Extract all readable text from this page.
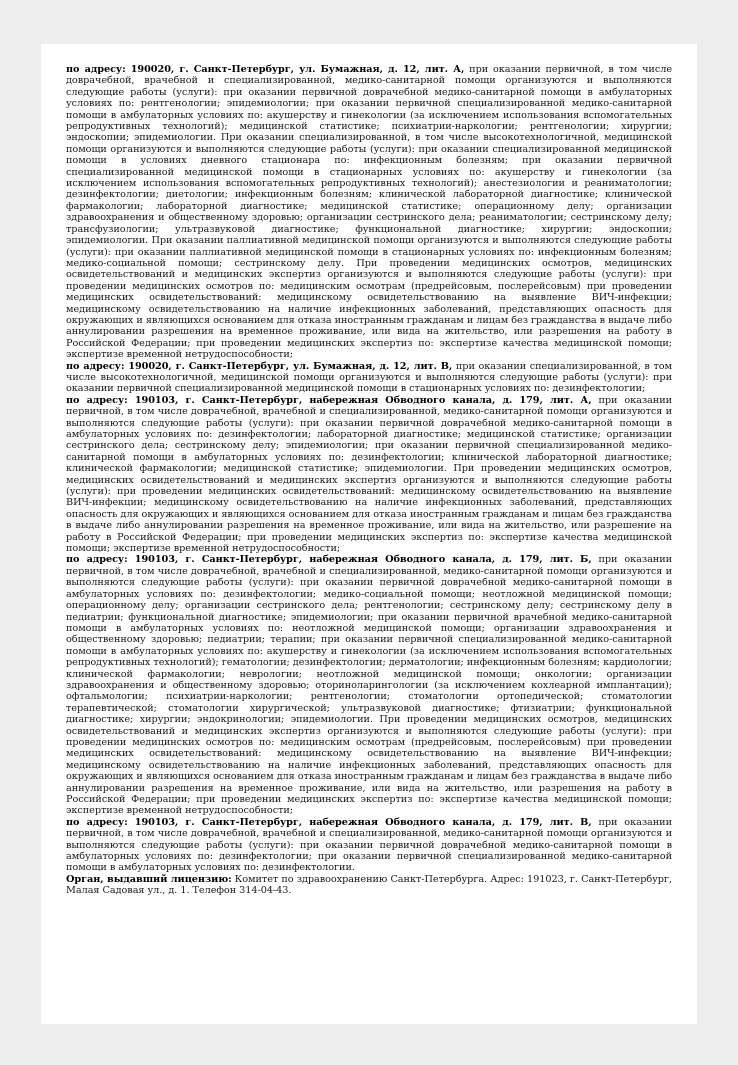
по адресу: 190020, г. Санкт-Петербург, ул. Бумажная, д. 12, лит. А, при оказании первичной, в том числе доврачебной, врачебной и специализированной, медико-санитарной помощи организуются и выполняются следующие работы (услуги): при оказании первичной доврачебной медико-санитарной помощи в амбулаторных условиях по: рентгенологии; эпидемиологии; при оказании первичной специализированной медико-санитарной помощи в амбулаторных условиях по: акушерству и гинекологии (за исключением использования вспомогательных репродуктивных технологий); медицинской статистике; психиатрии-наркологии; рентгенологии; хирургии; эндоскопии; эпидемиологии. При оказании специализированной, в том числе высокотехнологичной, медицинской помощи организуются и выполняются следующие работы (услуги): при оказании специализированной медицинской помощи в условиях дневного стационара по: инфекционным болезням; при оказании первичной специализированной медицинской помощи в стационарных условиях по: акушерству и гинекологии (за исключением использования вспомогательных репродуктивных технологий); анестезиологии и реаниматологии; дезинфектологии; диетологии; инфекционным болезням; клинической лабораторной диагностике; клинической фармакологии; лабораторной диагностике; медицинской статистике; операционному делу; организации здравоохранения и общественному здоровью; организации сестринского дела; реаниматологии; сестринскому делу; трансфузиологии; ультразвуковой диагностике; функциональной диагностике; хирургии; эндоскопии; эпидемиологии. При оказании паллиативной медицинской помощи организуются и выполняются следующие работы (услуги): при оказании паллиативной медицинской помощи в стационарных условиях по: инфекционным болезням; медико-социальной помощи; сестринскому делу. При проведении медицинских осмотров, медицинских освидетельствований и медицинских экспертиз организуются и выполняются следующие работы (услуги): при проведении медицинских осмотров по: медицинским осмотрам (предрейсовым, послерейсовым) при проведении медицинских освидетельствований: медицинскому освидетельствованию на выявление ВИЧ-инфекции; медицинскому освидетельствованию на наличие инфекционных заболеваний, представляющих опасность для окружающих и являющихся основанием для отказа иностранным гражданам и лицам без гражданства в выдаче либо аннулировании разрешения на временное проживание, или вида на жительство, или разрешения на работу в Российской Федерации; при проведении медицинских экспертиз по: экспертизе качества медицинской помощи; экспертизе временной нетрудоспособности;

по адресу: 190020, г. Санкт-Петербург, ул. Бумажная, д. 12, лит. В, при оказании специализированной, в том числе высокотехнологичной, медицинской помощи организуются и выполняются следующие работы (услуги): при оказании первичной специализированной медицинской помощи в стационарных условиях по: дезинфектологии;

по адресу: 190103, г. Санкт-Петербург, набережная Обводного канала, д. 179, лит. А, при оказании первичной, в том числе доврачебной, врачебной и специализированной, медико-санитарной помощи организуются и выполняются следующие работы (услуги): при оказании первичной доврачебной медико-санитарной помощи в амбулаторных условиях по: дезинфектологии; лабораторной диагностике; медицинской статистике; организации сестринского дела; сестринскому делу; эпидемиологии; при оказании первичной специализированной медико-санитарной помощи в амбулаторных условиях по: дезинфектологии; клинической лабораторной диагностике; клинической фармакологии; медицинской статистике; эпидемиологии. При проведении медицинских осмотров, медицинских освидетельствований и медицинских экспертиз организуются и выполняются следующие работы (услуги): при проведении медицинских освидетельствований: медицинскому освидетельствованию на выявление ВИЧ-инфекции; медицинскому освидетельствованию на наличие инфекционных заболеваний, представляющих опасность для окружающих и являющихся основанием для отказа иностранным гражданам и лицам без гражданства в выдаче либо аннулировании разрешения на временное проживание, или вида на жительство, или разрешение на работу в Российской Федерации; при проведении медицинских экспертиз по: экспертизе качества медицинской помощи; экспертизе временной нетрудоспособности;

по адресу: 190103, г. Санкт-Петербург, набережная Обводного канала, д. 179, лит. Б, при оказании первичной, в том числе доврачебной, врачебной и специализированной, медико-санитарной помощи организуются и выполняются следующие работы (услуги): при оказании первичной доврачебной медико-санитарной помощи в амбулаторных условиях по: дезинфектологии; медико-социальной помощи; неотложной медицинской помощи; операционному делу; организации сестринского дела; рентгенологии; сестринскому делу; сестринскому делу в педиатрии; функциональной диагностике; эпидемиологии; при оказании первичной врачебной медико-санитарной помощи в амбулаторных условиях по: неотложной медицинской помощи; организации здравоохранения и общественному здоровью; педиатрии; терапии; при оказании первичной специализированной медико-санитарной помощи в амбулаторных условиях по: акушерству и гинекологии (за исключением использования вспомогательных репродуктивных технологий); гематологии; дезинфектологии; дерматологии; инфекционным болезням; кардиологии; клинической фармакологии; неврологии; неотложной медицинской помощи; онкологии; организации здравоохранения и общественному здоровью; оториноларингологии (за исключением кохлеарной имплантации); офтальмологии; психиатрии-наркологии; рентгенологии; стоматологии ортопедической; стоматологии терапевтической; стоматологии хирургической; ультразвуковой диагностике; фтизиатрии; функциональной диагностике; хирургии; эндокринологии; эпидемиологии. При проведении медицинских осмотров, медицинских освидетельствований и медицинских экспертиз организуются и выполняются следующие работы (услуги): при проведении медицинских осмотров по: медицинским осмотрам (предрейсовым, послерейсовым) при проведении медицинских освидетельствований: медицинскому освидетельствованию на выявление ВИЧ-инфекции; медицинскому освидетельствованию на наличие инфекционных заболеваний, представляющих опасность для окружающих и являющихся основанием для отказа иностранным гражданам и лицам без гражданства в выдаче либо аннулировании разрешения на временное проживание, или вида на жительство, или разрешения на работу в Российской Федерации; при проведении медицинских экспертиз по: экспертизе качества медицинской помощи; экспертизе временной нетрудоспособности;

по адресу: 190103, г. Санкт-Петербург, набережная Обводного канала, д. 179, лит. В, при оказании первичной, в том числе доврачебной, врачебной и специализированной, медико-санитарной помощи организуются и выполняются следующие работы (услуги): при оказании первичной доврачебной медико-санитарной помощи в амбулаторных условиях по: дезинфектологии; при оказании первичной специализированной медико-санитарной помощи в амбулаторных условиях по: дезинфектологии.

Орган, выдавший лицензию: Комитет по здравоохранению Санкт-Петербурга. Адрес: 191023, г. Санкт-Петербург, Малая Садовая ул., д. 1. Телефон 314-04-43.
